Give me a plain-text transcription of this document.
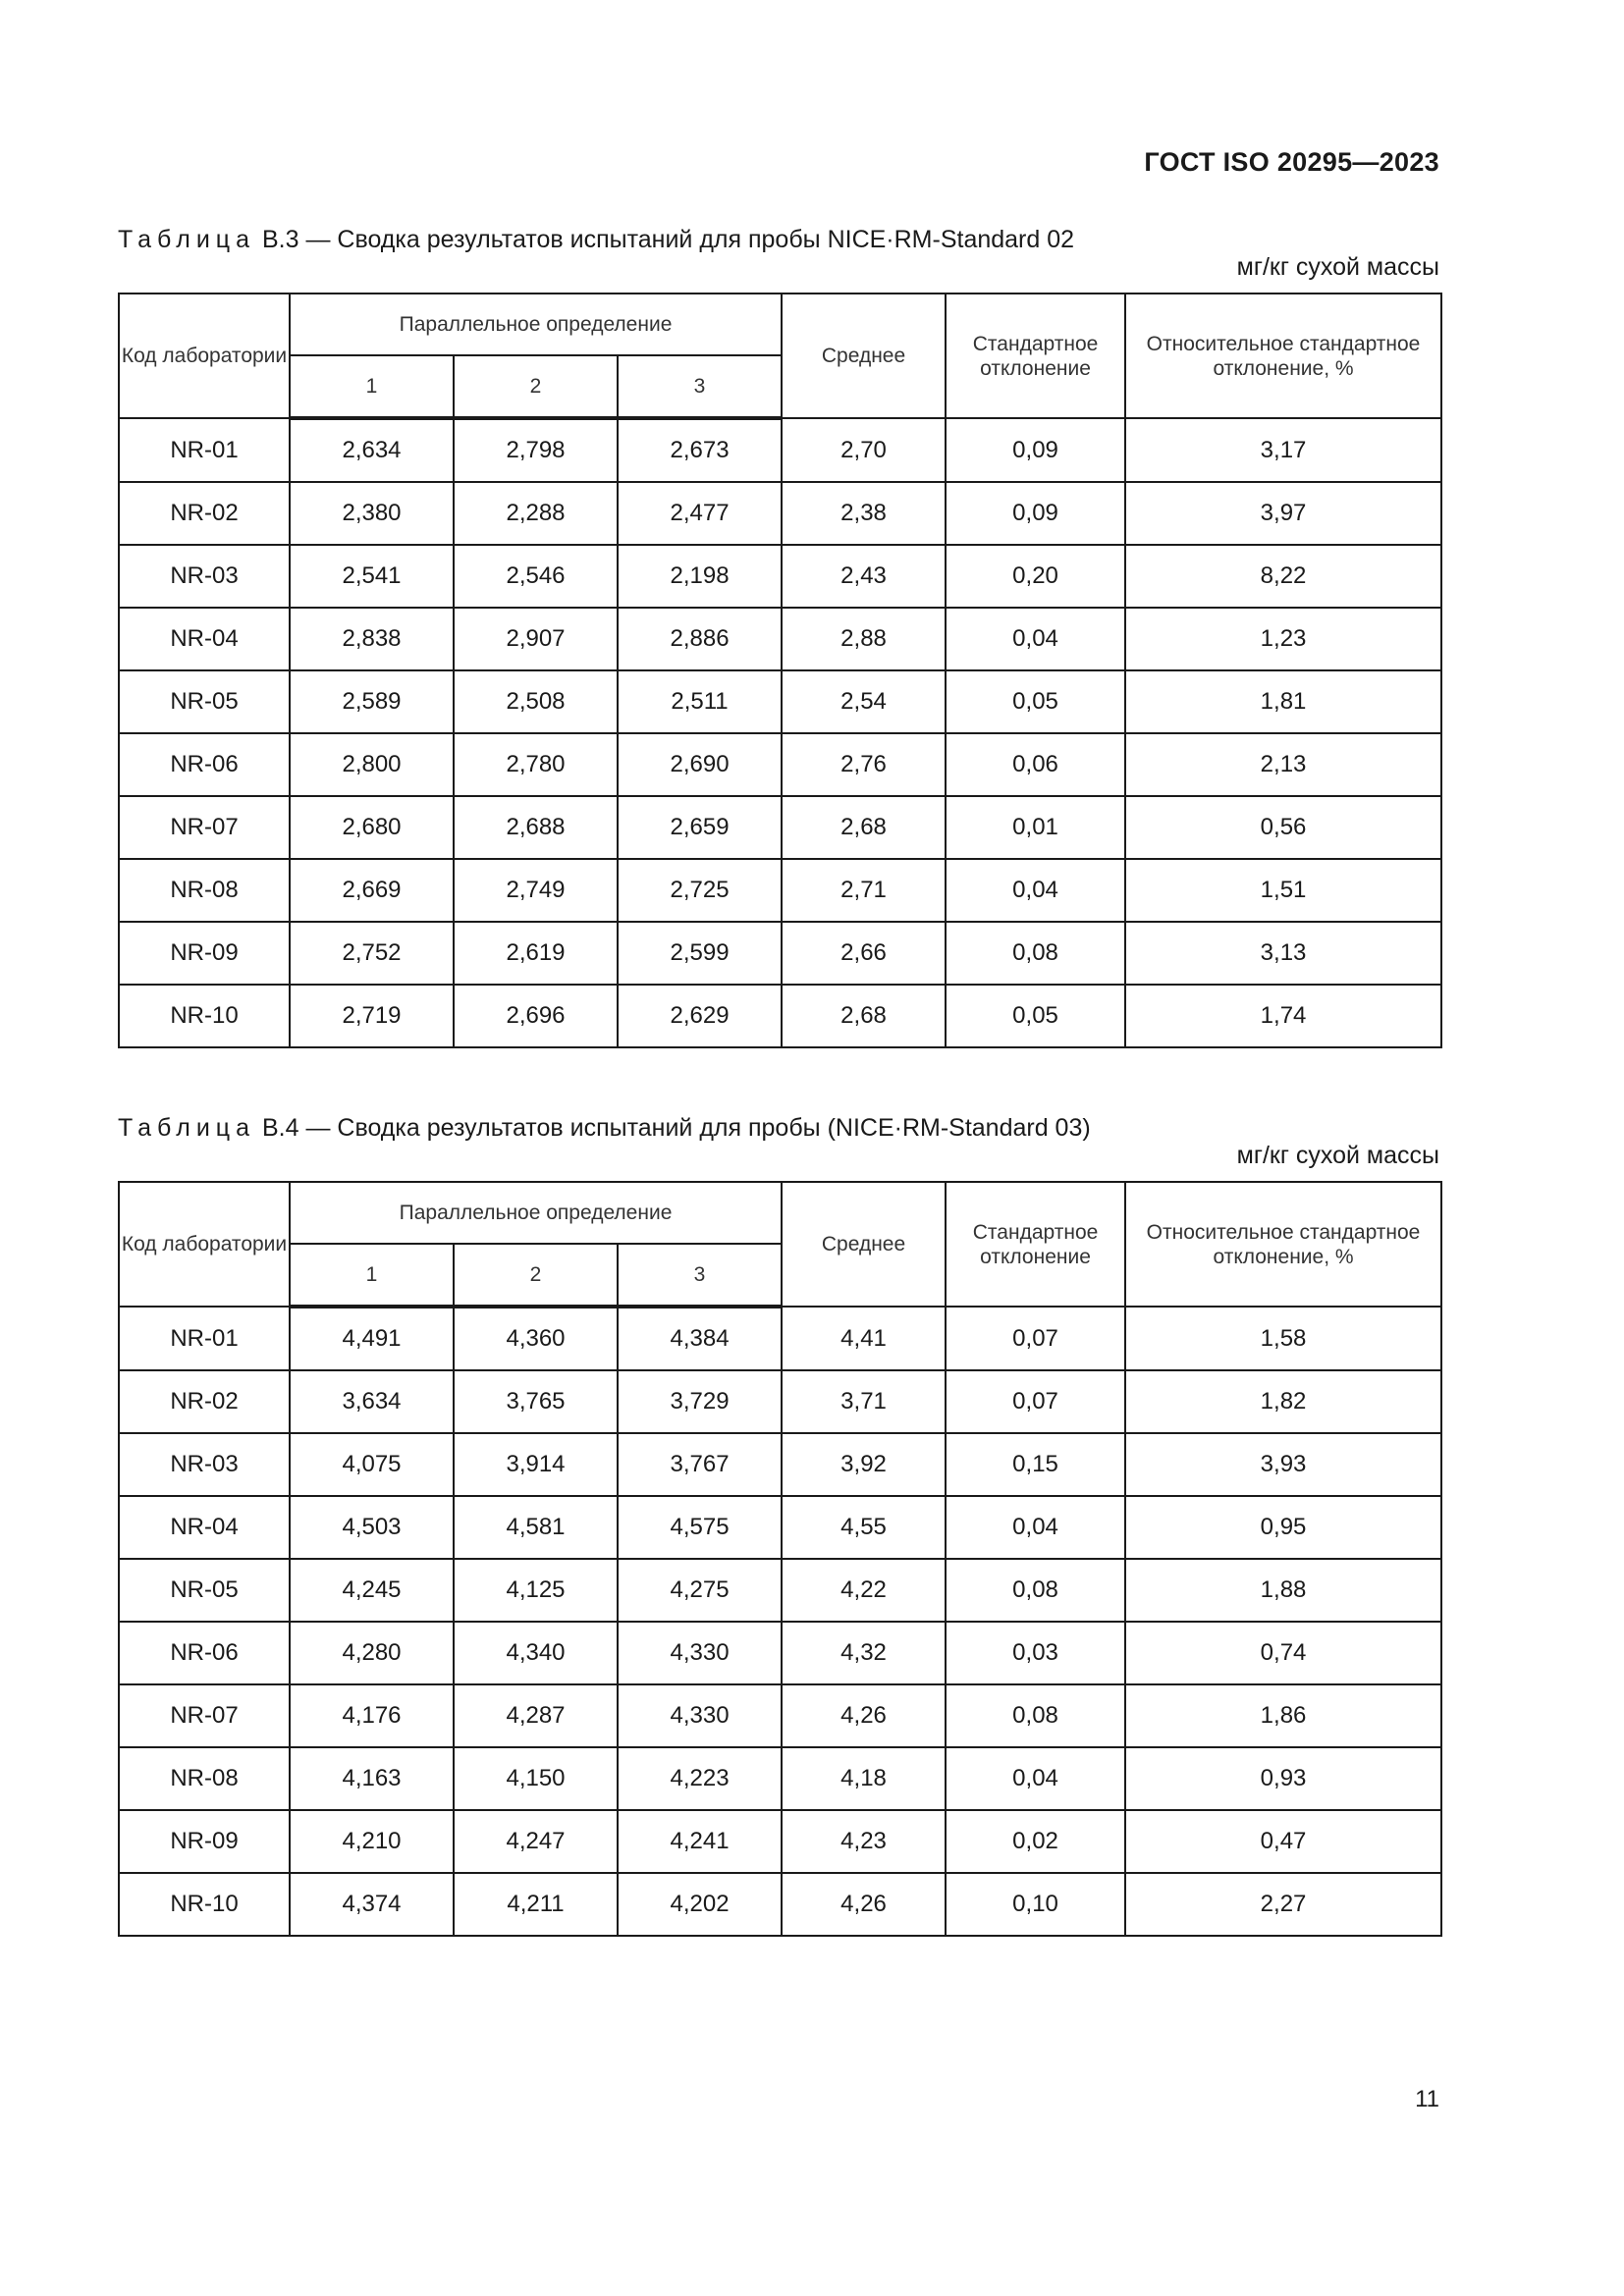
ГОСТ ISO 20295—2023
Таблица B.3 — Сводка результатов испытаний для пробы NICE·RM-Standard 02
мг/кг сухой массы
Код лаборатории	Параллельное определение			Среднее	Стандартное отклонение	Относительное стандартное отклонение, %
	1	2	3			
NR-01	2,634	2,798	2,673	2,70	0,09	3,17
NR-02	2,380	2,288	2,477	2,38	0,09	3,97
NR-03	2,541	2,546	2,198	2,43	0,20	8,22
NR-04	2,838	2,907	2,886	2,88	0,04	1,23
NR-05	2,589	2,508	2,511	2,54	0,05	1,81
NR-06	2,800	2,780	2,690	2,76	0,06	2,13
NR-07	2,680	2,688	2,659	2,68	0,01	0,56
NR-08	2,669	2,749	2,725	2,71	0,04	1,51
NR-09	2,752	2,619	2,599	2,66	0,08	3,13
NR-10	2,719	2,696	2,629	2,68	0,05	1,74
Таблица B.4 — Сводка результатов испытаний для пробы (NICE·RM-Standard 03)
мг/кг сухой массы
Код лаборатории	Параллельное определение			Среднее	Стандартное отклонение	Относительное стандартное отклонение, %
	1	2	3			
NR-01	4,491	4,360	4,384	4,41	0,07	1,58
NR-02	3,634	3,765	3,729	3,71	0,07	1,82
NR-03	4,075	3,914	3,767	3,92	0,15	3,93
NR-04	4,503	4,581	4,575	4,55	0,04	0,95
NR-05	4,245	4,125	4,275	4,22	0,08	1,88
NR-06	4,280	4,340	4,330	4,32	0,03	0,74
NR-07	4,176	4,287	4,330	4,26	0,08	1,86
NR-08	4,163	4,150	4,223	4,18	0,04	0,93
NR-09	4,210	4,247	4,241	4,23	0,02	0,47
NR-10	4,374	4,211	4,202	4,26	0,10	2,27
11
